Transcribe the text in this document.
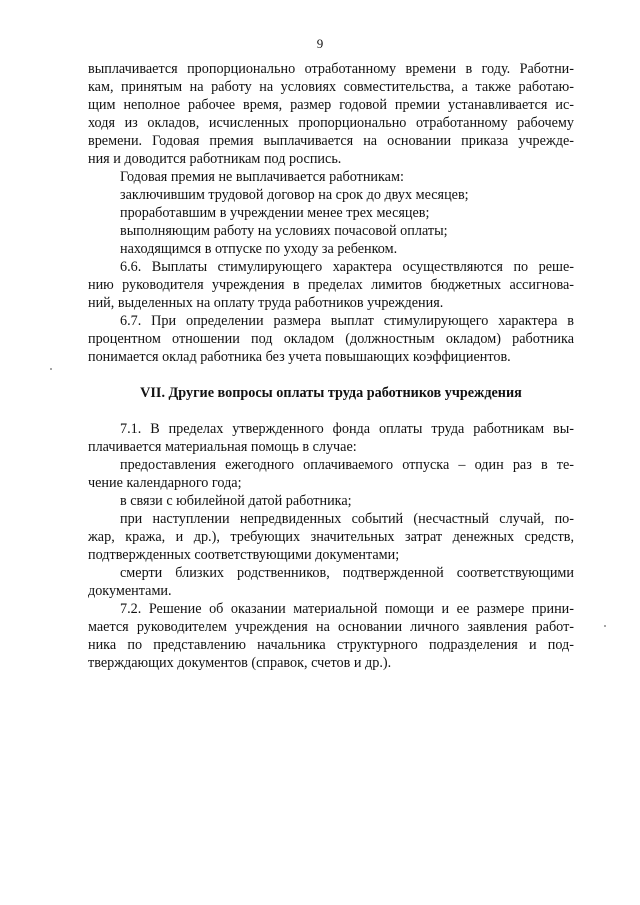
9
выплачивается пропорционально отработанному времени в году. Работни-
кам, принятым на работу на условиях совместительства, а также работаю-
щим неполное рабочее время, размер годовой премии устанавливается ис-
ходя из окладов, исчисленных пропорционально отработанному рабочему
времени. Годовая премия выплачивается на основании приказа учрежде-
ния и доводится работникам под роспись.
Годовая премия не выплачивается работникам:
заключившим трудовой договор на срок до двух месяцев;
проработавшим в учреждении менее трех месяцев;
выполняющим работу на условиях почасовой оплаты;
находящимся в отпуске по уходу за ребенком.
6.6. Выплаты стимулирующего характера осуществляются по реше-
нию руководителя учреждения в пределах лимитов бюджетных ассигнова-
ний, выделенных на оплату труда работников учреждения.
6.7. При определении размера выплат стимулирующего характера в
процентном отношении под окладом (должностным окладом) работника
понимается оклад работника без учета повышающих коэффициентов.
VII. Другие вопросы оплаты труда работников учреждения
7.1. В пределах утвержденного фонда оплаты труда работникам вы-
плачивается материальная помощь в случае:
предоставления ежегодного оплачиваемого отпуска – один раз в те-
чение календарного года;
в связи с юбилейной датой работника;
при наступлении непредвиденных событий (несчастный случай, по-
жар, кража, и др.), требующих значительных затрат денежных средств,
подтвержденных соответствующими документами;
смерти близких родственников, подтвержденной соответствующими
документами.
7.2. Решение об оказании материальной помощи и ее размере прини-
мается руководителем учреждения на основании личного заявления работ-
ника по представлению начальника структурного подразделения и под-
тверждающих документов (справок, счетов и др.).
